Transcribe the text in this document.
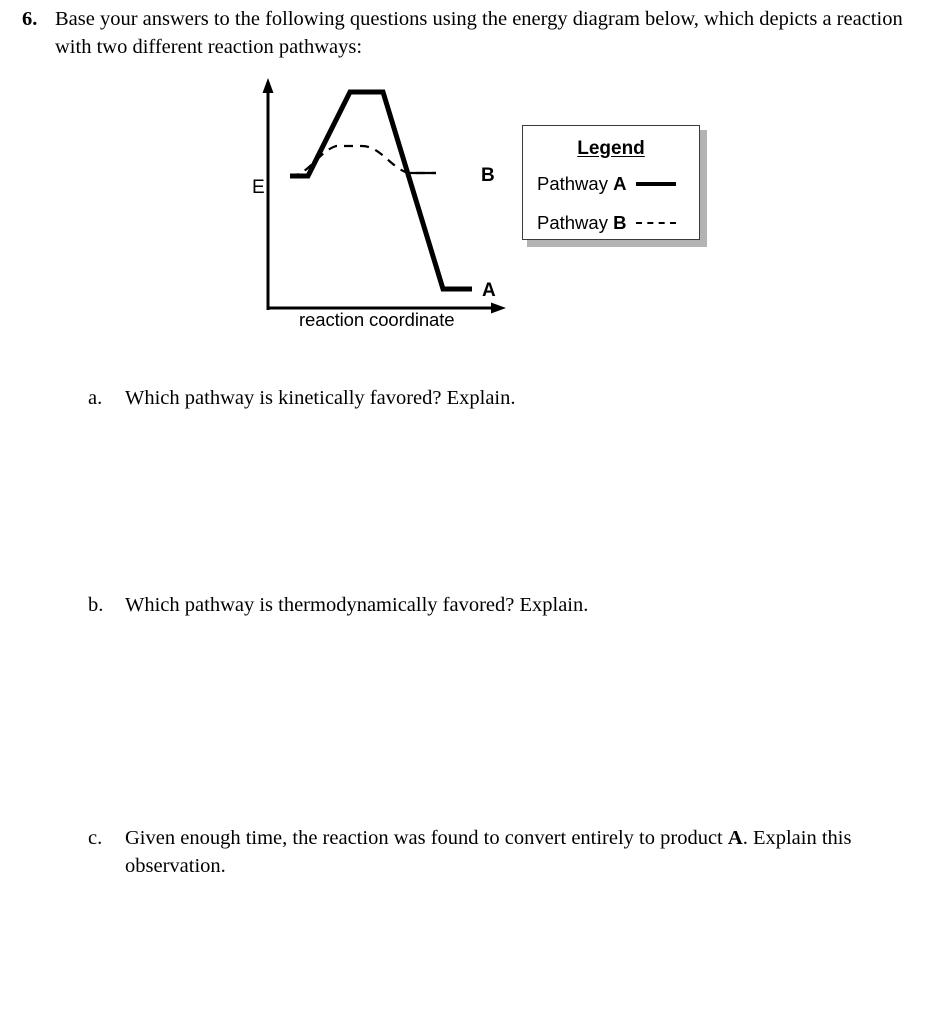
6. Base your answers to the following questions using the energy diagram below, which depicts a reaction with two different reaction pathways:
E
reaction coordinate
B
A
Legend
Pathway A
Pathway B
a.	Which pathway is kinetically favored? Explain.
b.	Which pathway is thermodynamically favored? Explain.
c.	Given enough time, the reaction was found to convert entirely to product A. Explain this observation.
